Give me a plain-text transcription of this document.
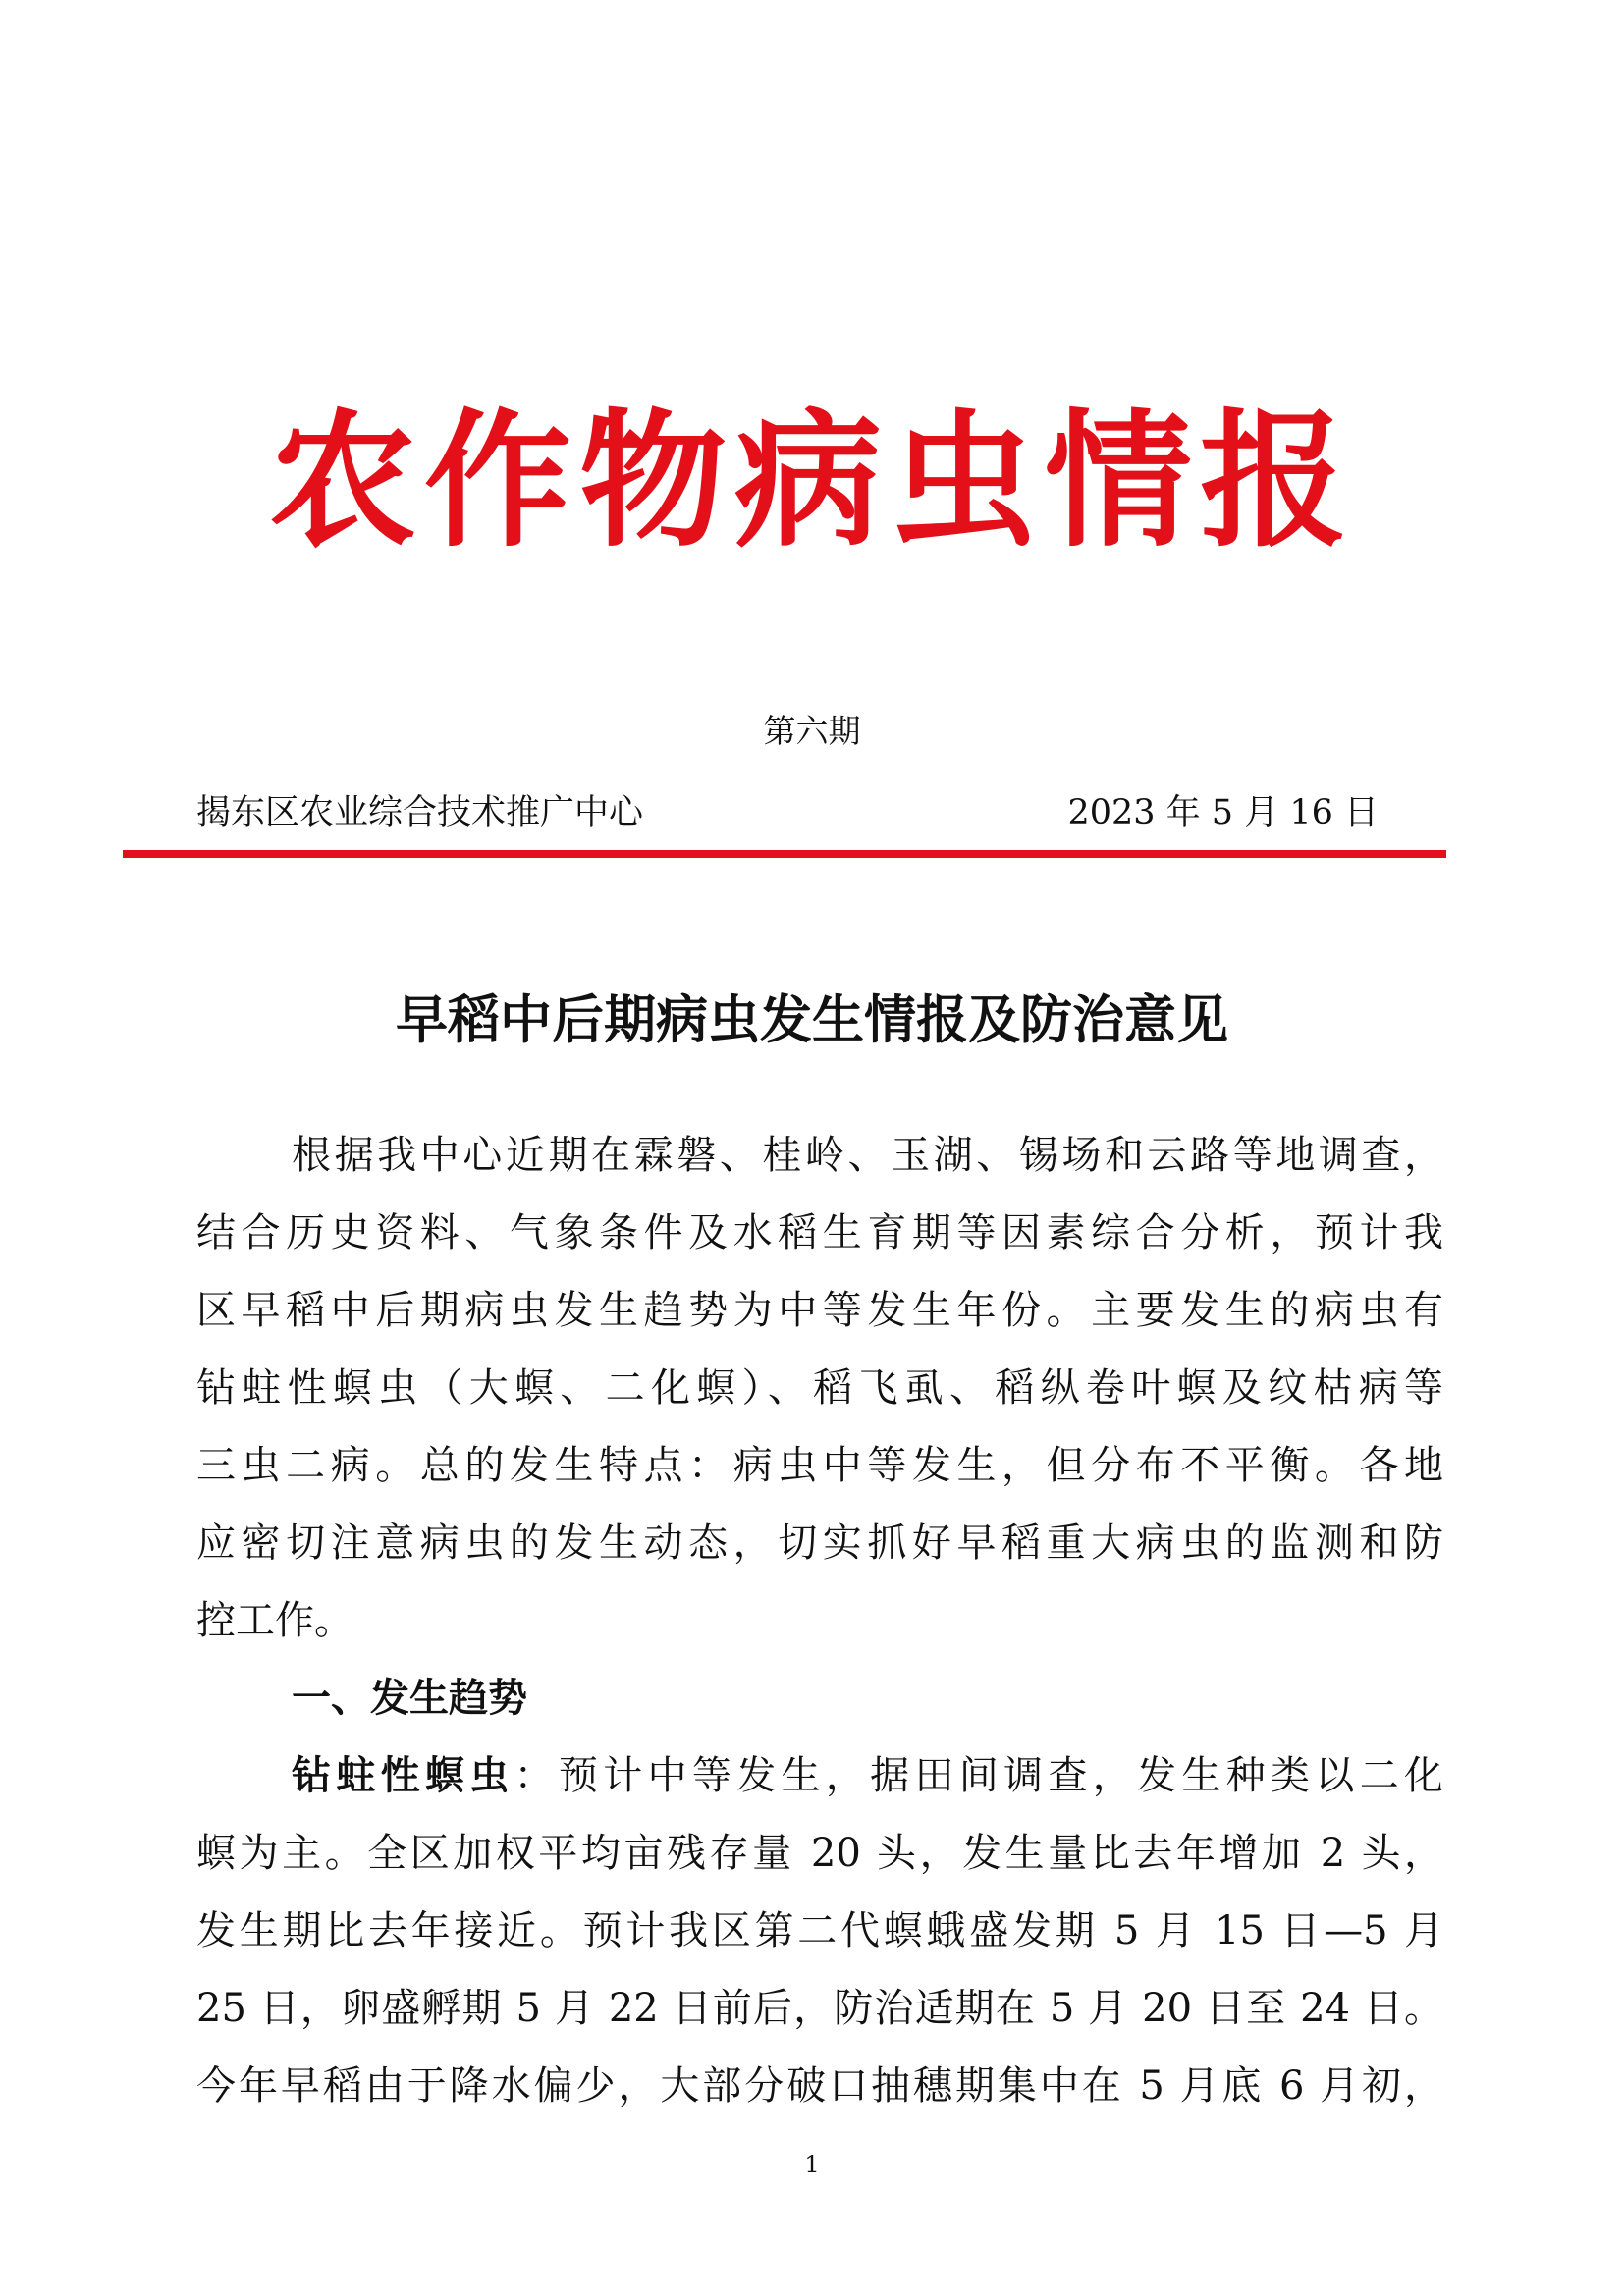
农作物病虫情报
第六期
揭东区农业综合技术推广中心	2023 年 5 月 16 日
早稻中后期病虫发生情报及防治意见
根据我中心近期在霖磐、桂岭、玉湖、锡场和云路等地调查，
结合历史资料、气象条件及水稻生育期等因素综合分析，预计我
区早稻中后期病虫发生趋势为中等发生年份。主要发生的病虫有
钻蛀性螟虫（大螟、二化螟）、稻飞虱、稻纵卷叶螟及纹枯病等
三虫二病。总的发生特点：病虫中等发生，但分布不平衡。各地
应密切注意病虫的发生动态，切实抓好早稻重大病虫的监测和防
控工作。
一、发生趋势
钻蛀性螟虫：预计中等发生，据田间调查，发生种类以二化
螟为主。全区加权平均亩残存量 20 头，发生量比去年增加 2 头，
发生期比去年接近。预计我区第二代螟蛾盛发期 5 月 15 日—5 月
25 日，卵盛孵期 5 月 22 日前后，防治适期在 5 月 20 日至 24 日。
今年早稻由于降水偏少，大部分破口抽穗期集中在 5 月底 6 月初，
1
